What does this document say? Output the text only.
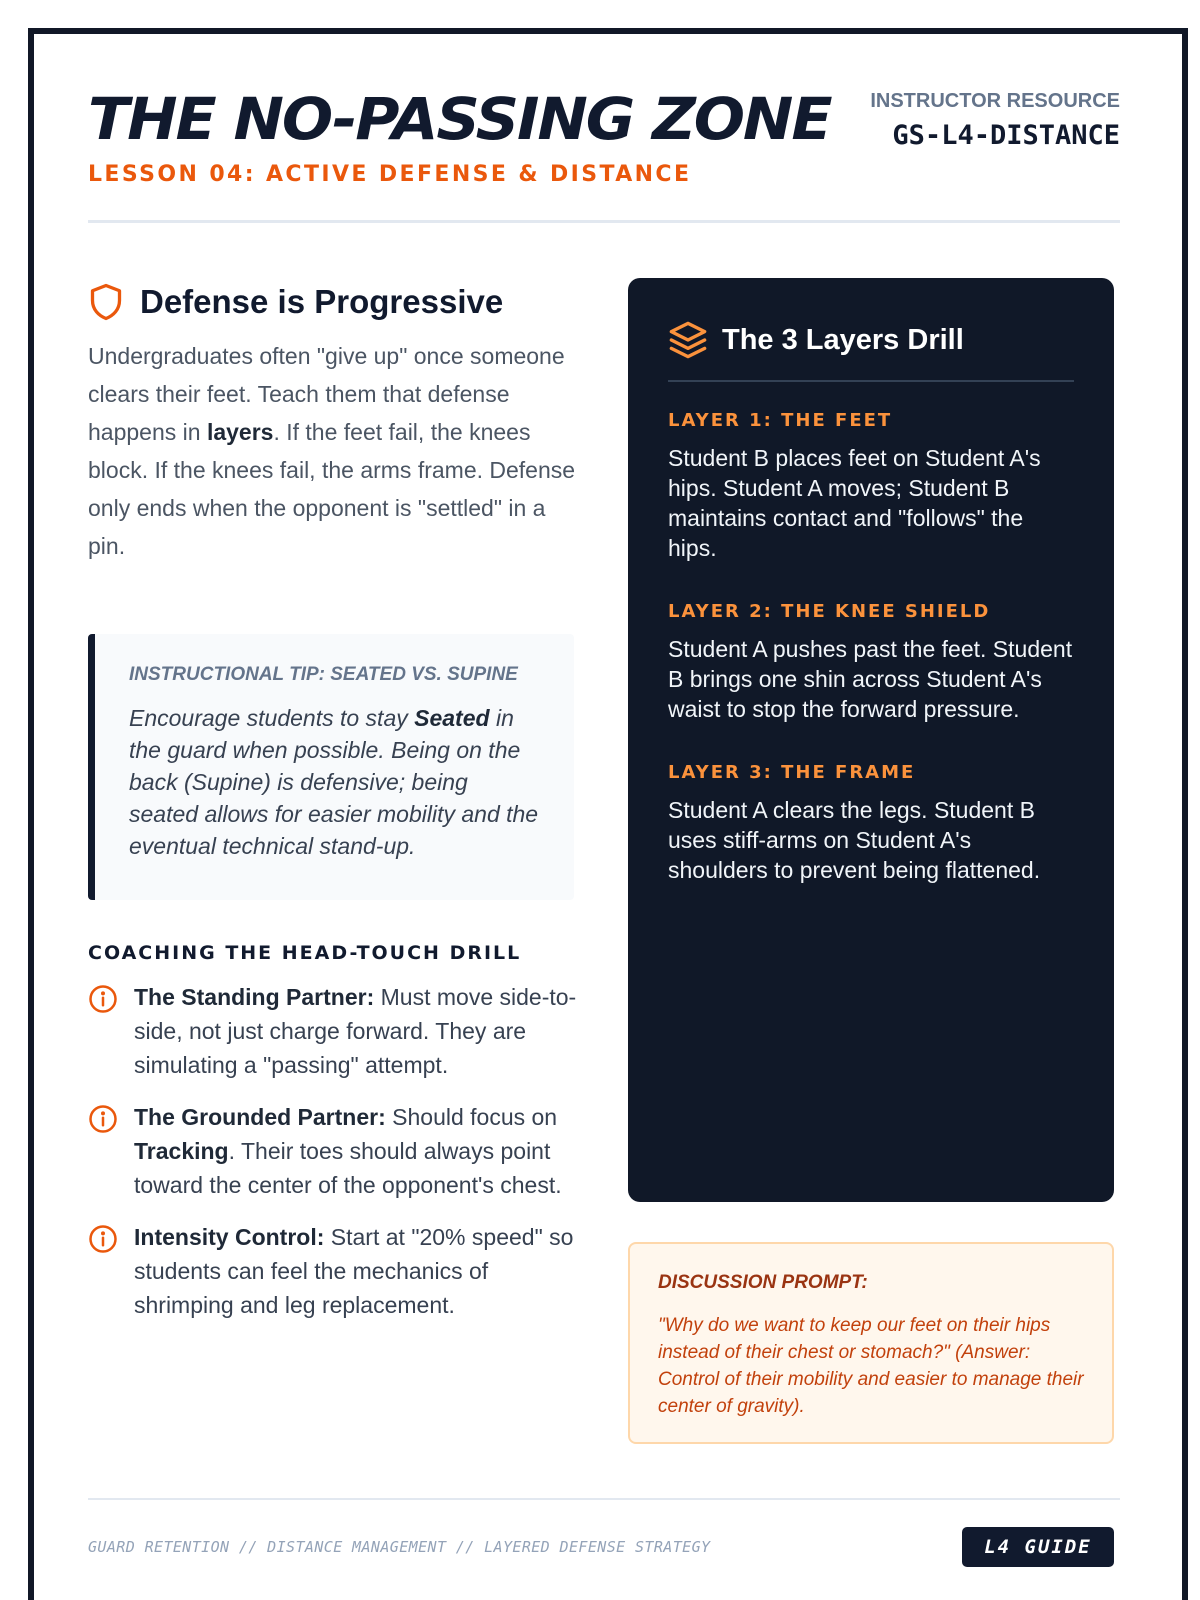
THE NO-PASSING ZONE
LESSON 04: ACTIVE DEFENSE & DISTANCE
INSTRUCTOR RESOURCE
GS-L4-DISTANCE
Defense is Progressive

Undergraduates often "give up" once someone clears their feet. Teach them that defense happens in layers. If the feet fail, the knees block. If the knees fail, the arms frame. Defense only ends when the opponent is "settled" in a pin.

INSTRUCTIONAL TIP: SEATED VS. SUPINE

Encourage students to stay Seated in the guard when possible. Being on the back (Supine) is defensive; being seated allows for easier mobility and the eventual technical stand-up.

COACHING THE HEAD-TOUCH DRILL

The Standing Partner: Must move side-to-side, not just charge forward. They are simulating a "passing" attempt.

The Grounded Partner: Should focus on Tracking. Their toes should always point toward the center of the opponent's chest.

Intensity Control: Start at "20% speed" so students can feel the mechanics of shrimping and leg replacement.

The 3 Layers Drill
LAYER 1: THE FEET

Student B places feet on Student A's hips. Student A moves; Student B maintains contact and "follows" the hips.

LAYER 2: THE KNEE SHIELD

Student A pushes past the feet. Student B brings one shin across Student A's waist to stop the forward pressure.

LAYER 3: THE FRAME

Student A clears the legs. Student B uses stiff-arms on Student A's shoulders to prevent being flattened.

DISCUSSION PROMPT:

"Why do we want to keep our feet on their hips instead of their chest or stomach?" (Answer: Control of their mobility and easier to manage their center of gravity).

GUARD RETENTION // DISTANCE MANAGEMENT // LAYERED DEFENSE STRATEGY	L4 GUIDE
